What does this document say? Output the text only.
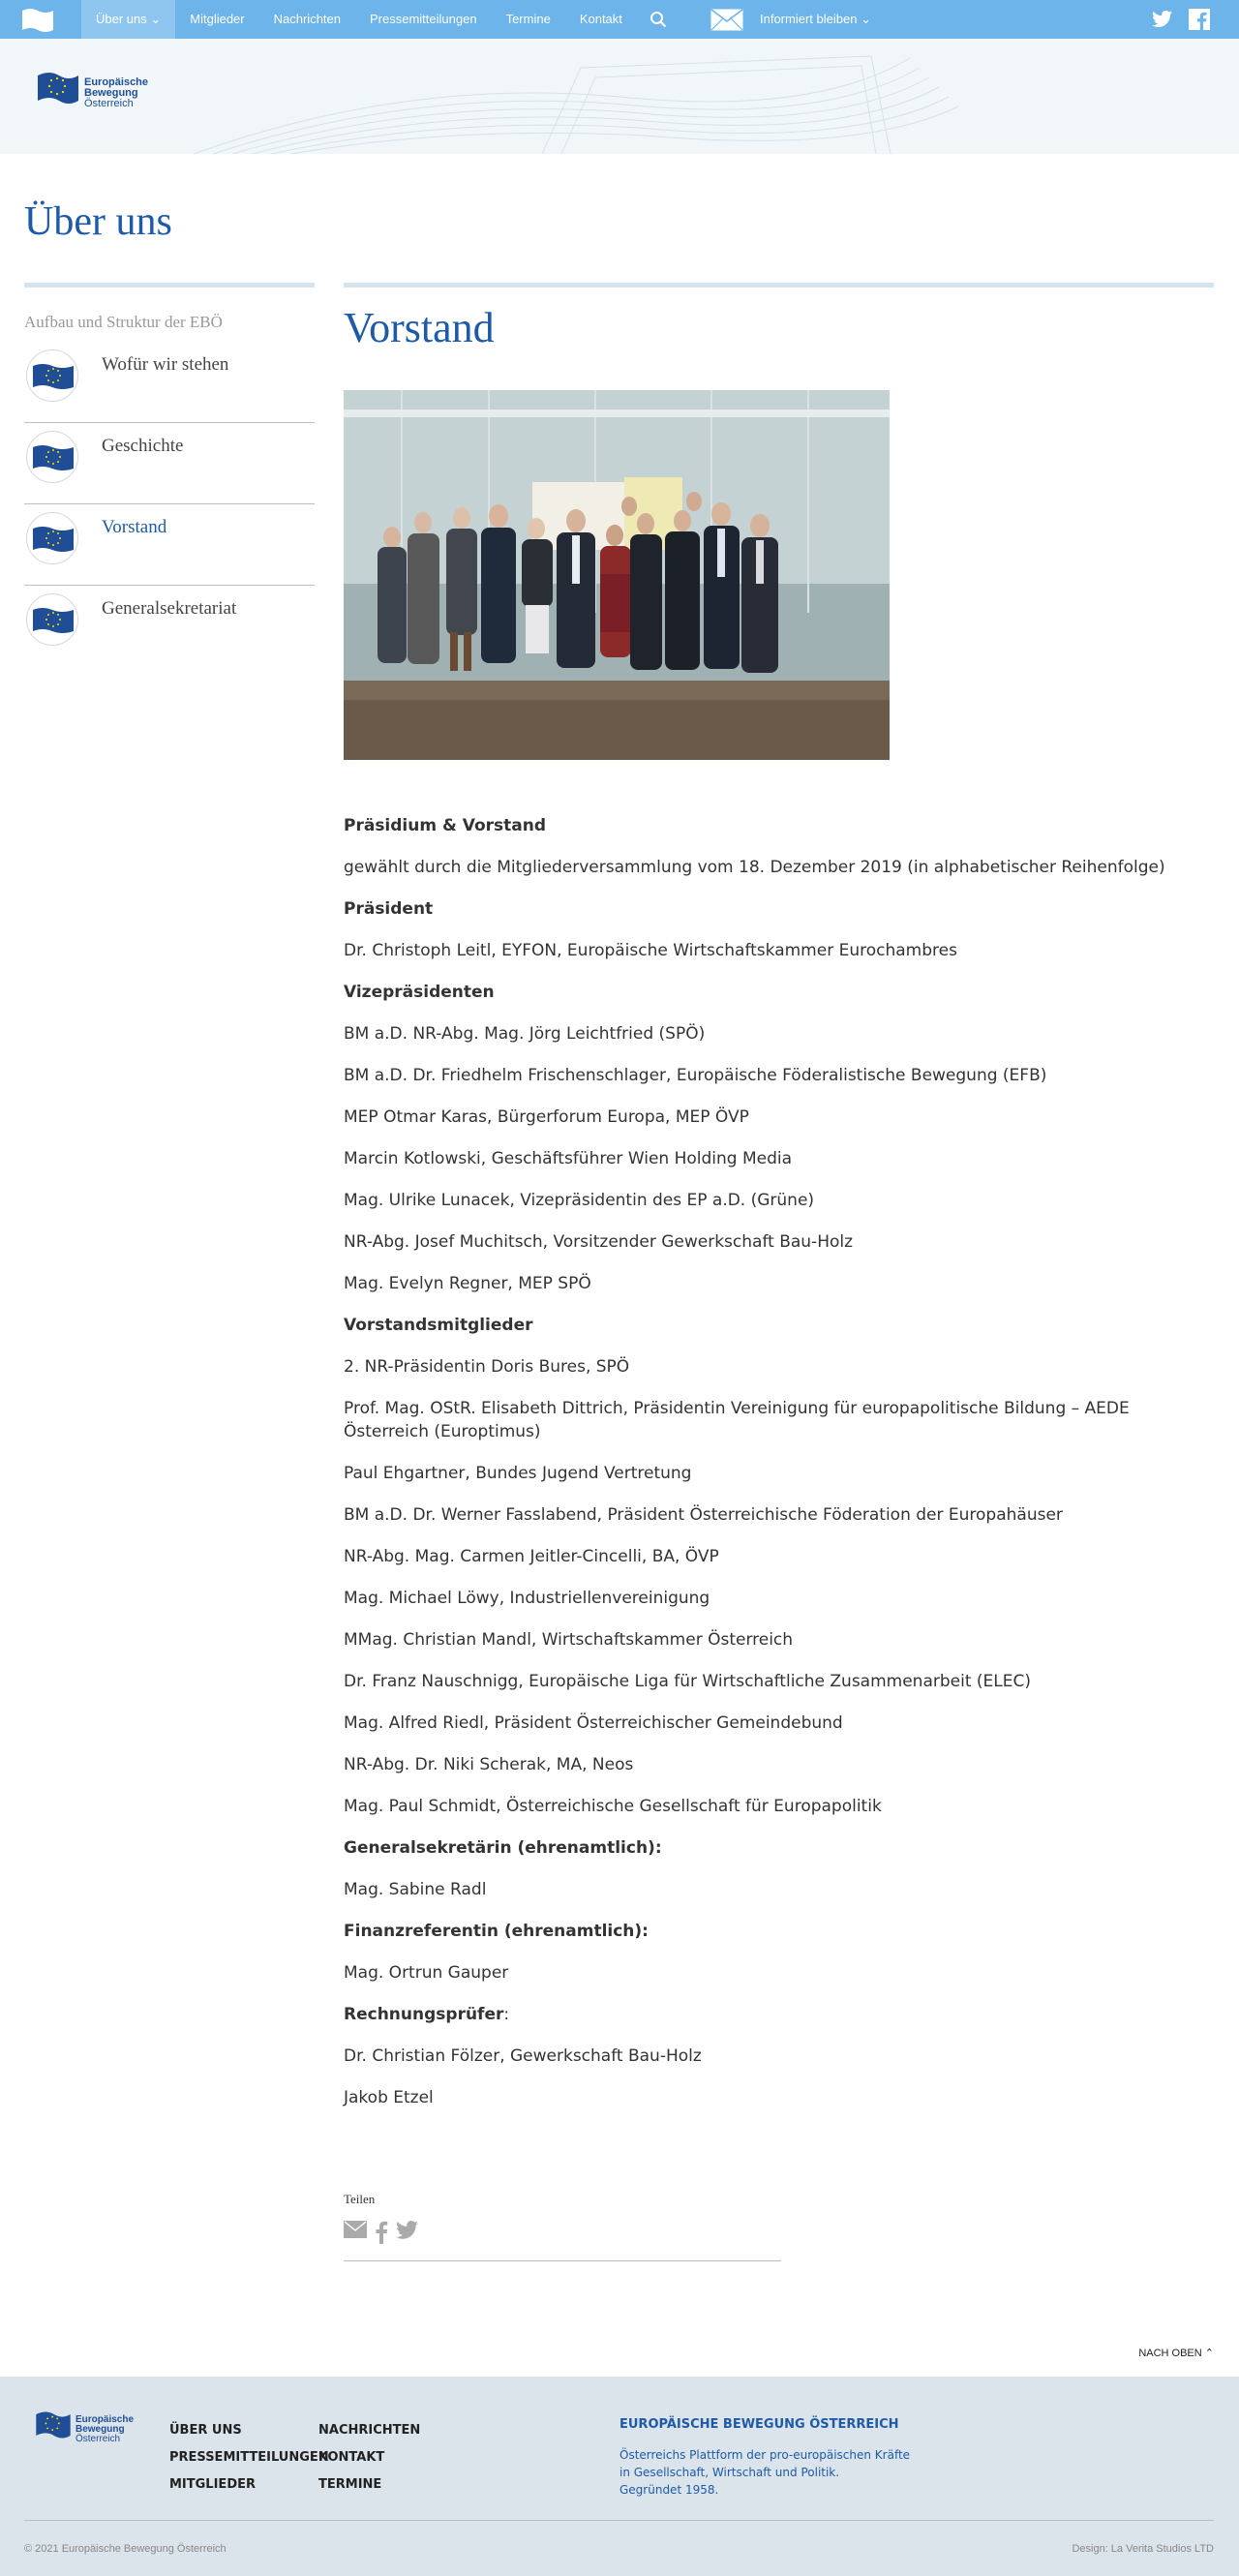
Über uns ⌄	Mitglieder	Nachrichten	Pressemitteilungen	Termine	Kontakt	Informiert bleiben ⌄
Europäische
Bewegung
Österreich
Über uns
Aufbau und Struktur der EBÖ
Wofür wir stehen
Geschichte
Vorstand
Generalsekretariat
Vorstand

Präsidium & Vorstand

gewählt durch die Mitgliederversammlung vom 18. Dezember 2019 (in alphabetischer Reihenfolge)

Präsident

Dr. Christoph Leitl, EYFON, Europäische Wirtschaftskammer Eurochambres

Vizepräsidenten

BM a.D. NR-Abg. Mag. Jörg Leichtfried (SPÖ)

BM a.D. Dr. Friedhelm Frischenschlager, Europäische Föderalistische Bewegung (EFB)

MEP Otmar Karas, Bürgerforum Europa, MEP ÖVP

Marcin Kotlowski, Geschäftsführer Wien Holding Media

Mag. Ulrike Lunacek, Vizepräsidentin des EP a.D. (Grüne)

NR-Abg. Josef Muchitsch, Vorsitzender Gewerkschaft Bau-Holz

Mag. Evelyn Regner, MEP SPÖ

Vorstandsmitglieder

2. NR-Präsidentin Doris Bures, SPÖ

Prof. Mag. OStR. Elisabeth Dittrich, Präsidentin Vereinigung für europapolitische Bildung – AEDE Österreich (Europtimus)

Paul Ehgartner, Bundes Jugend Vertretung

BM a.D. Dr. Werner Fasslabend, Präsident Österreichische Föderation der Europahäuser

NR-Abg. Mag. Carmen Jeitler-Cincelli, BA, ÖVP

Mag. Michael Löwy, Industriellenvereinigung

MMag. Christian Mandl, Wirtschaftskammer Österreich

Dr. Franz Nauschnigg, Europäische Liga für Wirtschaftliche Zusammenarbeit (ELEC)

Mag. Alfred Riedl, Präsident Österreichischer Gemeindebund

NR-Abg. Dr. Niki Scherak, MA, Neos

Mag. Paul Schmidt, Österreichische Gesellschaft für Europapolitik

Generalsekretärin (ehrenamtlich):

Mag. Sabine Radl

Finanzreferentin (ehrenamtlich):

Mag. Ortrun Gauper

Rechnungsprüfer:

Dr. Christian Fölzer, Gewerkschaft Bau-Holz

Jakob Etzel

Teilen
NACH OBEN ⌃
Europäische
Bewegung
Österreich
ÜBER UNS
PRESSEMITTEILUNGEN
MITGLIEDER
NACHRICHTEN
KONTAKT
TERMINE
EUROPÄISCHE BEWEGUNG ÖSTERREICH
Österreichs Plattform der pro-europäischen Kräfte
in Gesellschaft, Wirtschaft und Politik.
Gegründet 1958.
© 2021 Europäische Bewegung Österreich	Design: La Verita Studios LTD
